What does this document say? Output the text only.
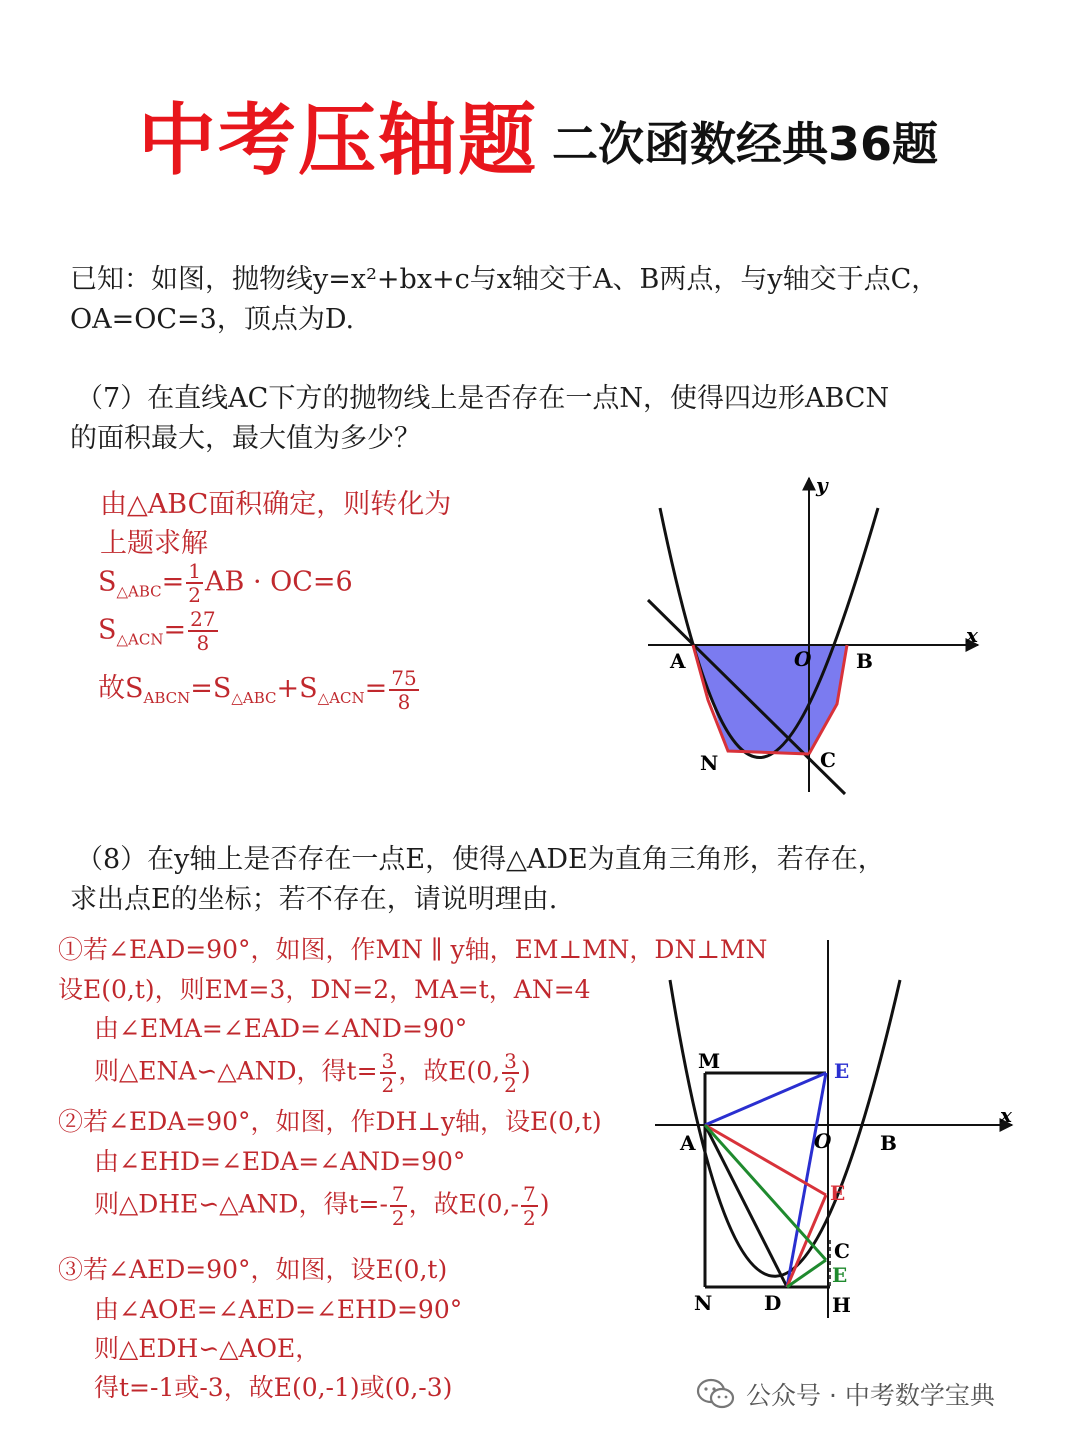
中考压轴题 二次函数经典36题
已知：如图，抛物线y=x²+bx+c与x轴交于A、B两点，与y轴交于点C，
OA=OC=3，顶点为D.
（7）在直线AC下方的抛物线上是否存在一点N，使得四边形ABCN
的面积最大，最大值为多少？
由△ABC面积确定，则转化为
上题求解
$S_{\triangle ABC}= \frac{1}{2}$ AB · OC=6
$S_{\triangle ACN}= \frac{27}{8}$
故$S_{ABCN}=S_{\triangle ABC}+S_{\triangle ACN}= \frac{75}{8}$
y
x
A	O B
N	C
（8）在y轴上是否存在一点E，使得△ADE为直角三角形，若存在，
求出点E的坐标；若不存在，请说明理由.
①若∠EAD=90°，如图，作MN ∥ y轴，EM⊥MN，DN⊥MN
设E(0,t)，则EM=3，DN=2，MA=t，AN=4
由∠EMA=∠EAD=∠AND=90°
则△ENA∽△AND，得$t= \frac{3}{2}$ ，故E(0, $\frac{3}{2}$ )
②若∠EDA=90°，如图，作DH⊥y轴，设E(0,t)
由∠EHD=∠EDA=∠AND=90°
则△DHE∽△AND，得$t=- \frac{7}{2}$ ，故$E(0,- \frac{7}{2}$ )
③若∠AED=90°，如图，设E(0,t)
由∠AOE=∠AED=∠EHD=90°
则△EDH∽△AOE，
得t=-1或-3，故E(0,-1)或(0,-3)
M	E
x
A	O B
E
C
E
N	D	H
公众号 · 中考数学宝典
